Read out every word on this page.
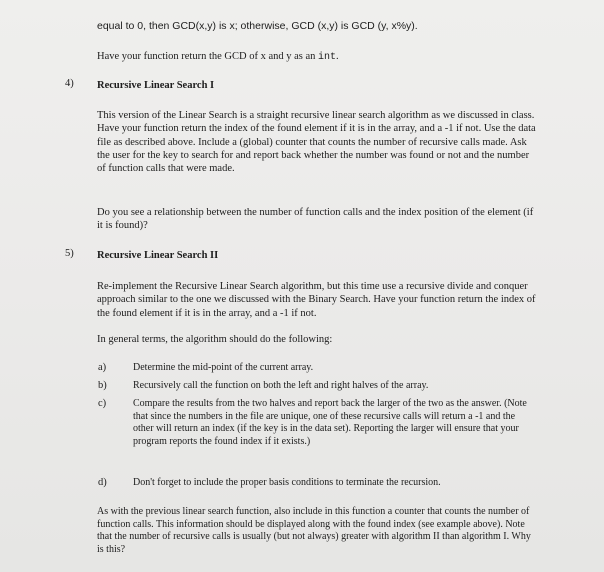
equal to 0, then GCD(x,y) is x; otherwise, GCD (x,y) is GCD (y, x%y).

Have your function return the GCD of x and y as an int.

4) Recursive Linear Search I

This version of the Linear Search is a straight recursive linear search algorithm as we discussed in class. Have your function return the index of the found element if it is in the array, and a -1 if not. Use the data file as described above. Include a (global) counter that counts the number of recursive calls made. Ask the user for the key to search for and report back whether the number was found or not and the number of function calls that were made.

Do you see a relationship between the number of function calls and the index position of the element (if it is found)?

5) Recursive Linear Search II

Re-implement the Recursive Linear Search algorithm, but this time use a recursive divide and conquer approach similar to the one we discussed with the Binary Search. Have your function return the index of the found element if it is in the array, and a -1 if not.

In general terms, the algorithm should do the following:

a)	Determine the mid-point of the current array.

b)	Recursively call the function on both the left and right halves of the array.

c)	Compare the results from the two halves and report back the larger of the two as the answer. (Note that since the numbers in the file are unique, one of these recursive calls will return a -1 and the other will return an index (if the key is in the data set). Reporting the larger will ensure that your program reports the found index if it exists.)

d)	Don't forget to include the proper basis conditions to terminate the recursion.

As with the previous linear search function, also include in this function a counter that counts the number of function calls. This information should be displayed along with the found index (see example above). Note that the number of recursive calls is usually (but not always) greater with algorithm II than algorithm I. Why is this?
